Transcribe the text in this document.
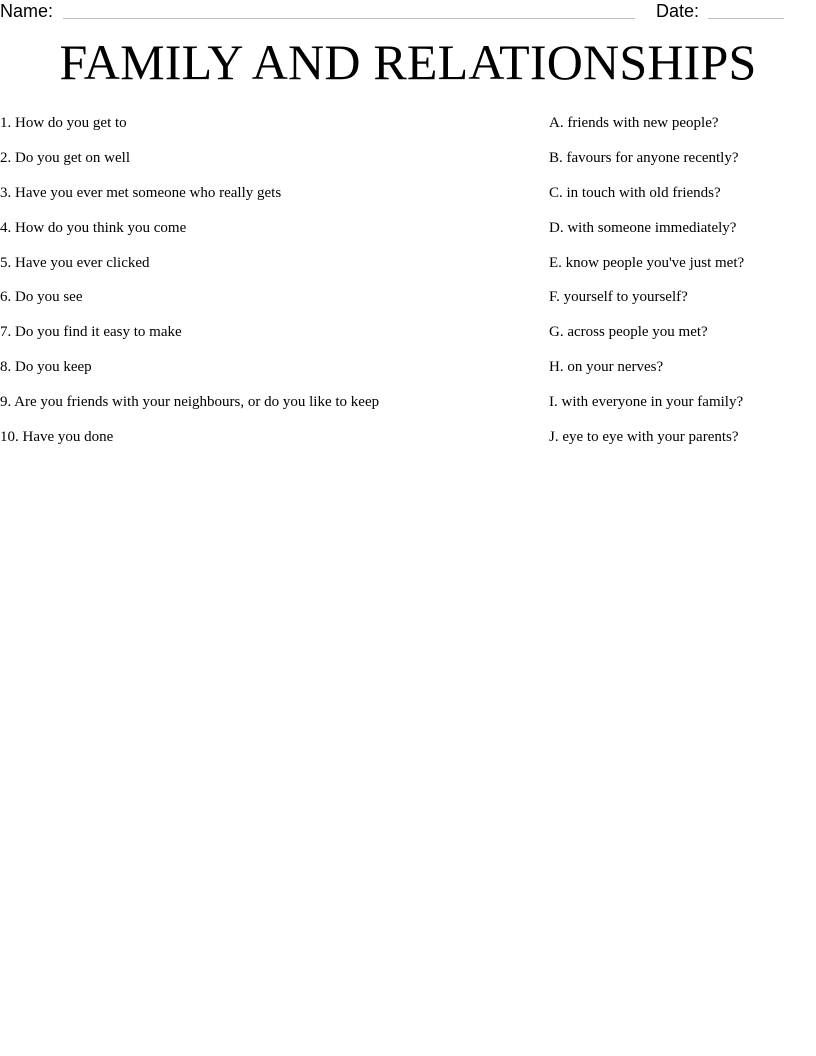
Name:	Date:
FAMILY AND RELATIONSHIPS
1. How do you get to	A. friends with new people?
2. Do you get on well	B. favours for anyone recently?
3. Have you ever met someone who really gets	C. in touch with old friends?
4. How do you think you come	D. with someone immediately?
5. Have you ever clicked	E. know people you've just met?
6. Do you see	F. yourself to yourself?
7. Do you find it easy to make	G. across people you met?
8. Do you keep	H. on your nerves?
9. Are you friends with your neighbours, or do you like to keep	I. with everyone in your family?
10. Have you done	J. eye to eye with your parents?
